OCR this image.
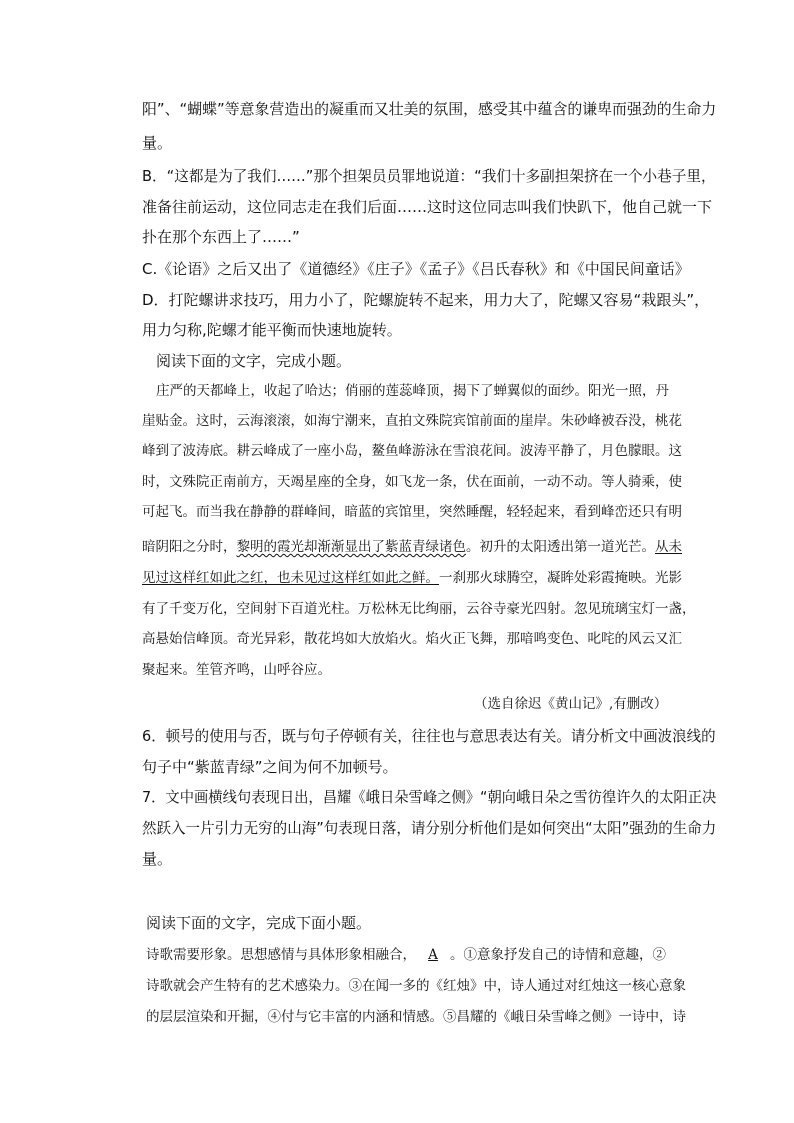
阳”、“蝴蝶”等意象营造出的凝重而又壮美的氛围，感受其中蕴含的谦卑而强劲的生命力
量。
B．“这都是为了我们……”那个担架员员罪地说道：“我们十多副担架挤在一个小巷子里，
准备往前运动，这位同志走在我们后面……这时这位同志叫我们快趴下，他自己就一下
扑在那个东西上了……”
C.《论语》之后又出了《道德经》《庄子》《孟子》《吕氏春秋》和《中国民间童话》
D．打陀螺讲求技巧，用力小了，陀螺旋转不起来，用力大了，陀螺又容易“栽跟头”，
用力匀称,陀螺才能平衡而快速地旋转。
阅读下面的文字，完成小题。
庄严的天都峰上，收起了哈达；俏丽的莲蕊峰顶，揭下了蝉翼似的面纱。阳光一照，丹
崖贴金。这时，云海滚滚，如海宁潮来，直拍文殊院宾馆前面的崖岸。朱砂峰被吞没，桃花
峰到了波涛底。耕云峰成了一座小岛，鳌鱼峰游泳在雪浪花间。波涛平静了，月色朦眼。这
时，文殊院正南前方，天竭星座的全身，如飞龙一条，伏在面前，一动不动。等人骑乘，使
可起飞。而当我在静静的群峰间，暗蓝的宾馆里，突然睡醒，轻轻起来，看到峰峦还只有明
暗阴阳之分时，黎明的霞光却渐渐显出了紫蓝青绿诸色。初升的太阳透出第一道光芒。从未
见过这样红如此之红，也未见过这样红如此之鲜。一刹那火球腾空，凝眸处彩霞掩映。光影
有了千变万化，空间射下百道光柱。万松林无比绚丽，云谷寺豪光四射。忽见琉璃宝灯一盏，
高悬始信峰顶。奇光异彩，散花坞如大放焰火。焰火正飞舞，那喑鸣变色、叱咤的风云又汇
聚起来。笙管齐鸣，山呼谷应。
（选自徐迟《黄山记》,有删改）
6．顿号的使用与否，既与句子停顿有关，往往也与意思表达有关。请分析文中画波浪线的
句子中“紫蓝青绿”之间为何不加顿号。
7．文中画横线句表现日出，昌耀《峨日朵雪峰之侧》“朝向峨日朵之雪彷徨许久的太阳正决
然跃入一片引力无穷的山海”句表现日落，请分别分析他们是如何突出“太阳”强劲的生命力
量。
阅读下面的文字，完成下面小题。
诗歌需要形象。思想感情与具体形象相融合， A 。①意象抒发自己的诗情和意趣，②
诗歌就会产生特有的艺术感染力。③在闻一多的《红烛》中，诗人通过对红烛这一核心意象
的层层渲染和开掘，④付与它丰富的内涵和情感。⑤昌耀的《峨日朵雪峰之侧》一诗中，诗
